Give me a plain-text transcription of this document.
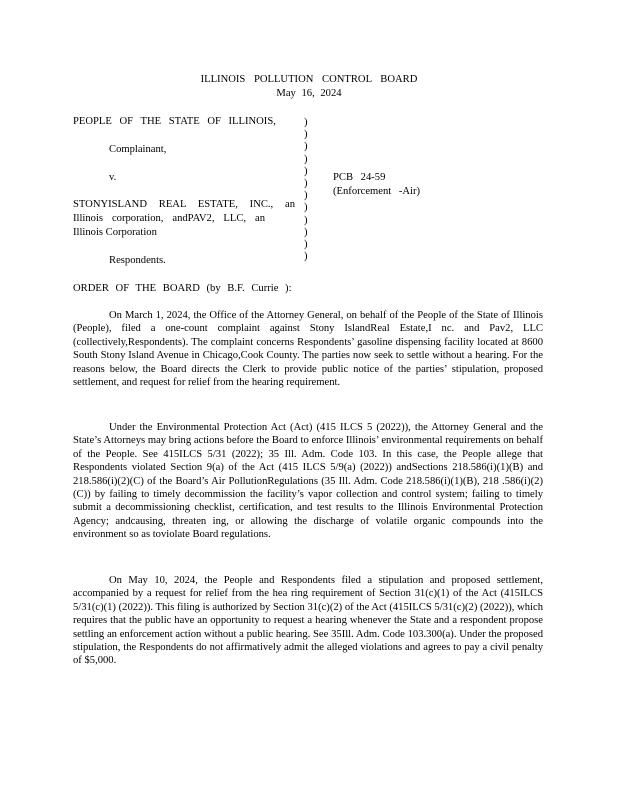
ILLINOIS POLLUTION CONTROL BOARD
May 16, 2024
PEOPLE OF THE STATE OF ILLINOIS,
Complainant,
v.
STONYISLAND REAL ESTATE, INC., an
Illinois corporation, andPAV2, LLC, an
Illinois Corporation
Respondents.
)
)
)
)
)
)
)
)
)
)
)
)
PCB 24-59
(Enforcement -Air)
ORDER OF THE BOARD (by B.F. Currie ):

On March 1, 2024, the Office of the Attorney General, on behalf of the People of the State of Illinois (People), filed a one-count complaint against Stony IslandReal Estate,I nc. and Pav2, LLC (collectively,Respondents). The complaint concerns Respondents’ gasoline dispensing facility located at 8600 South Stony Island Avenue in Chicago,Cook County. The parties now seek to settle without a hearing. For the reasons below, the Board directs the Clerk to provide public notice of the parties’ stipulation, proposed settlement, and request for relief from the hearing requirement.

Under the Environmental Protection Act (Act) (415 ILCS 5 (2022)), the Attorney General and the State’s Attorneys may bring actions before the Board to enforce Illinois’ environmental requirements on behalf of the People. See 415ILCS 5/31 (2022); 35 Ill. Adm. Code 103. In this case, the People allege that Respondents violated Section 9(a) of the Act (415 ILCS 5/9(a) (2022)) andSections 218.586(i)(1)(B) and 218.586(i)(2)(C) of the Board’s Air PollutionRegulations (35 Ill. Adm. Code 218.586(i)(1)(B), 218 .586(i)(2)(C)) by failing to timely decommission the facility’s vapor collection and control system; failing to timely submit a decommissioning checklist, certification, and test results to the Illinois Environmental Protection Agency; andcausing, threaten ing, or allowing the discharge of volatile organic compounds into the environment so as toviolate Board regulations.

On May 10, 2024, the People and Respondents filed a stipulation and proposed settlement, accompanied by a request for relief from the hea ring requirement of Section 31(c)(1) of the Act (415ILCS 5/31(c)(1) (2022)). This filing is authorized by Section 31(c)(2) of the Act (415ILCS 5/31(c)(2) (2022)), which requires that the public have an opportunity to request a hearing whenever the State and a respondent propose settling an enforcement action without a public hearing. See 35Ill. Adm. Code 103.300(a). Under the proposed stipulation, the Respondents do not affirmatively admit the alleged violations and agrees to pay a civil penalty of $5,000.
